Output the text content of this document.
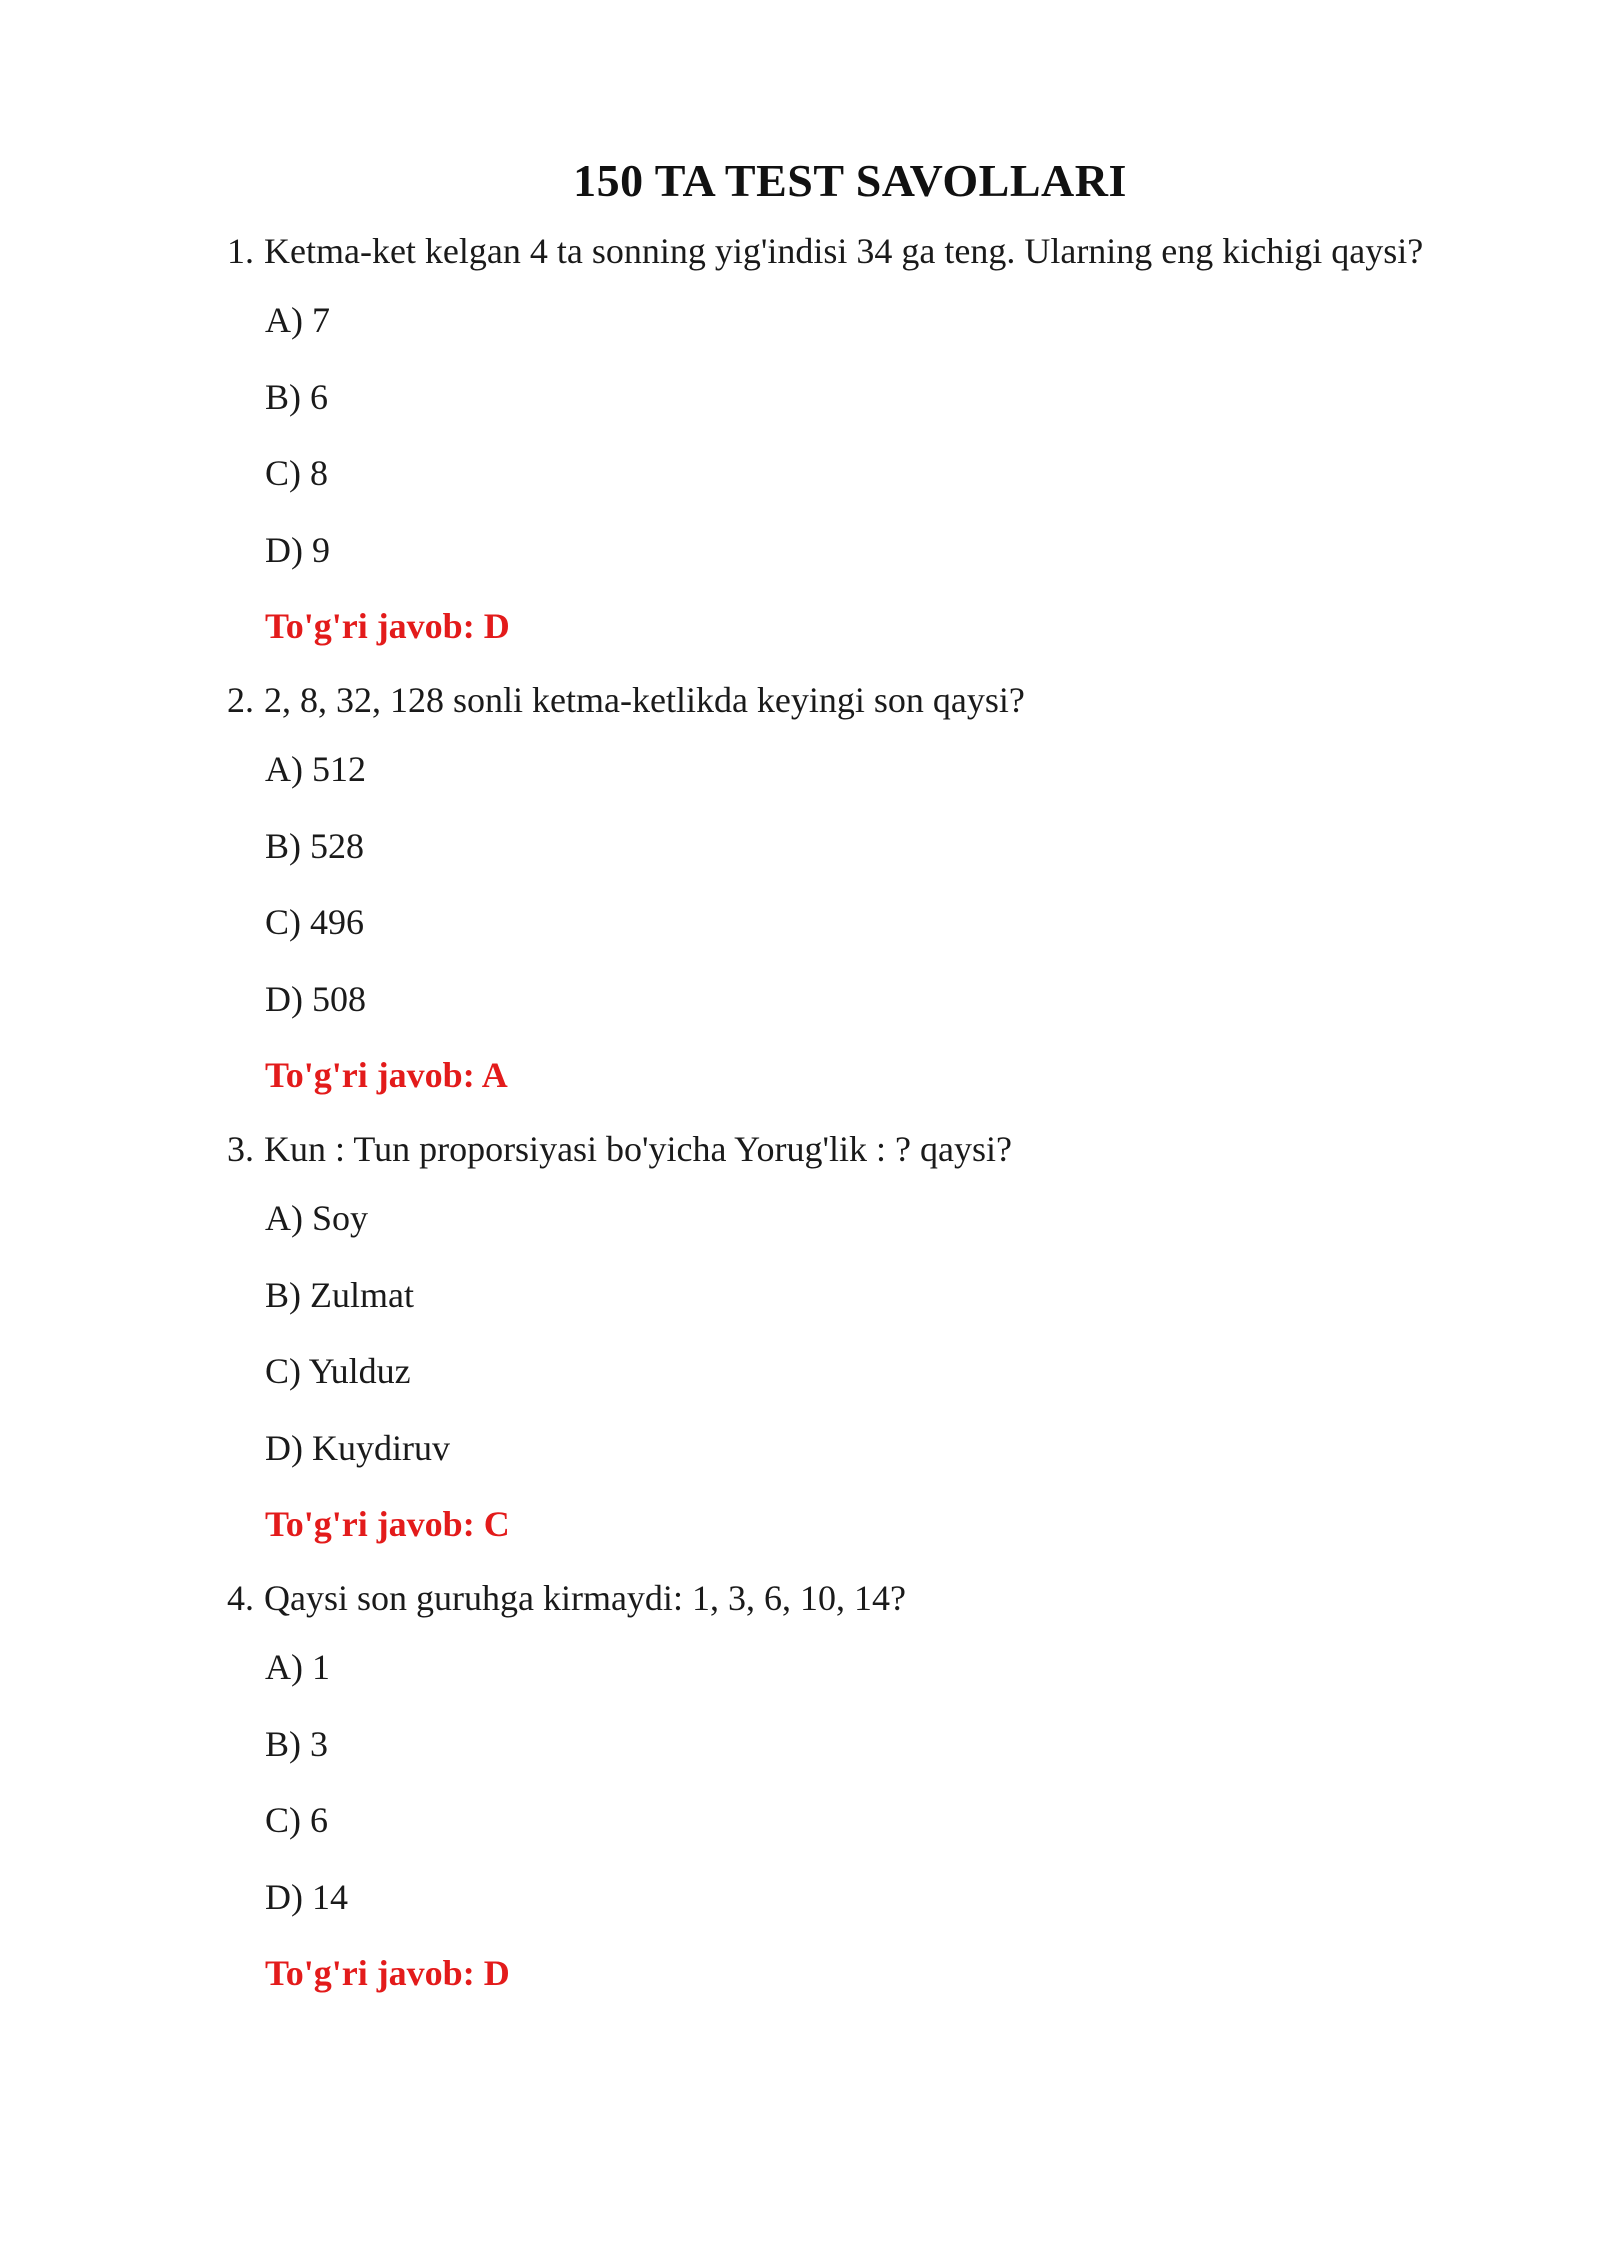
150 TA TEST SAVOLLARI
1. Ketma-ket kelgan 4 ta sonning yig'indisi 34 ga teng. Ularning eng kichigi qaysi?
A) 7
B) 6
C) 8
D) 9
To'g'ri javob: D
2. 2, 8, 32, 128 sonli ketma-ketlikda keyingi son qaysi?
A) 512
B) 528
C) 496
D) 508
To'g'ri javob: A
3. Kun : Tun proporsiyasi bo'yicha Yorug'lik : ? qaysi?
A) Soy
B) Zulmat
C) Yulduz
D) Kuydiruv
To'g'ri javob: C
4. Qaysi son guruhga kirmaydi: 1, 3, 6, 10, 14?
A) 1
B) 3
C) 6
D) 14
To'g'ri javob: D
